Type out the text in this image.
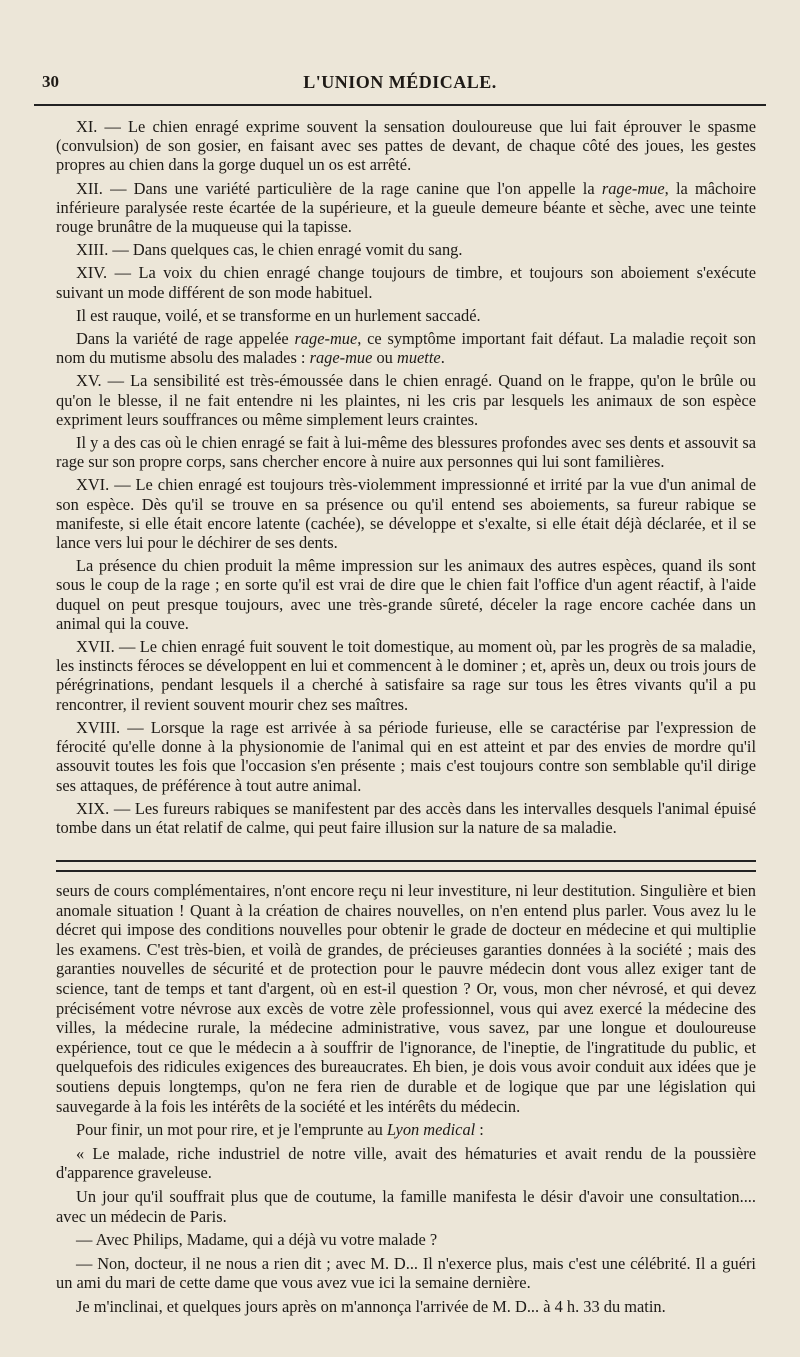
30	L'UNION MÉDICALE.

XI. — Le chien enragé exprime souvent la sensation douloureuse que lui fait éprouver le spasme (convulsion) de son gosier, en faisant avec ses pattes de devant, de chaque côté des joues, les gestes propres au chien dans la gorge duquel un os est arrêté.

XII. — Dans une variété particulière de la rage canine que l'on appelle la rage-mue, la mâchoire inférieure paralysée reste écartée de la supérieure, et la gueule demeure béante et sèche, avec une teinte rouge brunâtre de la muqueuse qui la tapisse.

XIII. — Dans quelques cas, le chien enragé vomit du sang.

XIV. — La voix du chien enragé change toujours de timbre, et toujours son aboiement s'exécute suivant un mode différent de son mode habituel.

Il est rauque, voilé, et se transforme en un hurlement saccadé.

Dans la variété de rage appelée rage-mue, ce symptôme important fait défaut. La maladie reçoit son nom du mutisme absolu des malades : rage-mue ou muette.

XV. — La sensibilité est très-émoussée dans le chien enragé. Quand on le frappe, qu'on le brûle ou qu'on le blesse, il ne fait entendre ni les plaintes, ni les cris par lesquels les animaux de son espèce expriment leurs souffrances ou même simplement leurs craintes.

Il y a des cas où le chien enragé se fait à lui-même des blessures profondes avec ses dents et assouvit sa rage sur son propre corps, sans chercher encore à nuire aux personnes qui lui sont familières.

XVI. — Le chien enragé est toujours très-violemment impressionné et irrité par la vue d'un animal de son espèce. Dès qu'il se trouve en sa présence ou qu'il entend ses aboiements, sa fureur rabique se manifeste, si elle était encore latente (cachée), se développe et s'exalte, si elle était déjà déclarée, et il se lance vers lui pour le déchirer de ses dents.

La présence du chien produit la même impression sur les animaux des autres espèces, quand ils sont sous le coup de la rage ; en sorte qu'il est vrai de dire que le chien fait l'office d'un agent réactif, à l'aide duquel on peut presque toujours, avec une très-grande sûreté, déceler la rage encore cachée dans un animal qui la couve.

XVII. — Le chien enragé fuit souvent le toit domestique, au moment où, par les progrès de sa maladie, les instincts féroces se développent en lui et commencent à le dominer ; et, après un, deux ou trois jours de pérégrinations, pendant lesquels il a cherché à satisfaire sa rage sur tous les êtres vivants qu'il a pu rencontrer, il revient souvent mourir chez ses maîtres.

XVIII. — Lorsque la rage est arrivée à sa période furieuse, elle se caractérise par l'expression de férocité qu'elle donne à la physionomie de l'animal qui en est atteint et par des envies de mordre qu'il assouvit toutes les fois que l'occasion s'en présente ; mais c'est toujours contre son semblable qu'il dirige ses attaques, de préférence à tout autre animal.

XIX. — Les fureurs rabiques se manifestent par des accès dans les intervalles desquels l'animal épuisé tombe dans un état relatif de calme, qui peut faire illusion sur la nature de sa maladie.

seurs de cours complémentaires, n'ont encore reçu ni leur investiture, ni leur destitution. Singulière et bien anomale situation ! Quant à la création de chaires nouvelles, on n'en entend plus parler. Vous avez lu le décret qui impose des conditions nouvelles pour obtenir le grade de docteur en médecine et qui multiplie les examens. C'est très-bien, et voilà de grandes, de précieuses garanties données à la société ; mais des garanties nouvelles de sécurité et de protection pour le pauvre médecin dont vous allez exiger tant de science, tant de temps et tant d'argent, où en est-il question ? Or, vous, mon cher névrosé, et qui devez précisément votre névrose aux excès de votre zèle professionnel, vous qui avez exercé la médecine des villes, la médecine rurale, la médecine administrative, vous savez, par une longue et douloureuse expérience, tout ce que le médecin a à souffrir de l'ignorance, de l'ineptie, de l'ingratitude du public, et quelquefois des ridicules exigences des bureaucrates. Eh bien, je dois vous avoir conduit aux idées que je soutiens depuis longtemps, qu'on ne fera rien de durable et de logique que par une législation qui sauvegarde à la fois les intérêts de la société et les intérêts du médecin.

Pour finir, un mot pour rire, et je l'emprunte au Lyon medical :

« Le malade, riche industriel de notre ville, avait des hématuries et avait rendu de la poussière d'apparence graveleuse.

Un jour qu'il souffrait plus que de coutume, la famille manifesta le désir d'avoir une consultation.... avec un médecin de Paris.

— Avec Philips, Madame, qui a déjà vu votre malade ?

— Non, docteur, il ne nous a rien dit ; avec M. D... Il n'exerce plus, mais c'est une célébrité. Il a guéri un ami du mari de cette dame que vous avez vue ici la semaine dernière.

Je m'inclinai, et quelques jours après on m'annonça l'arrivée de M. D... à 4 h. 33 du matin.
